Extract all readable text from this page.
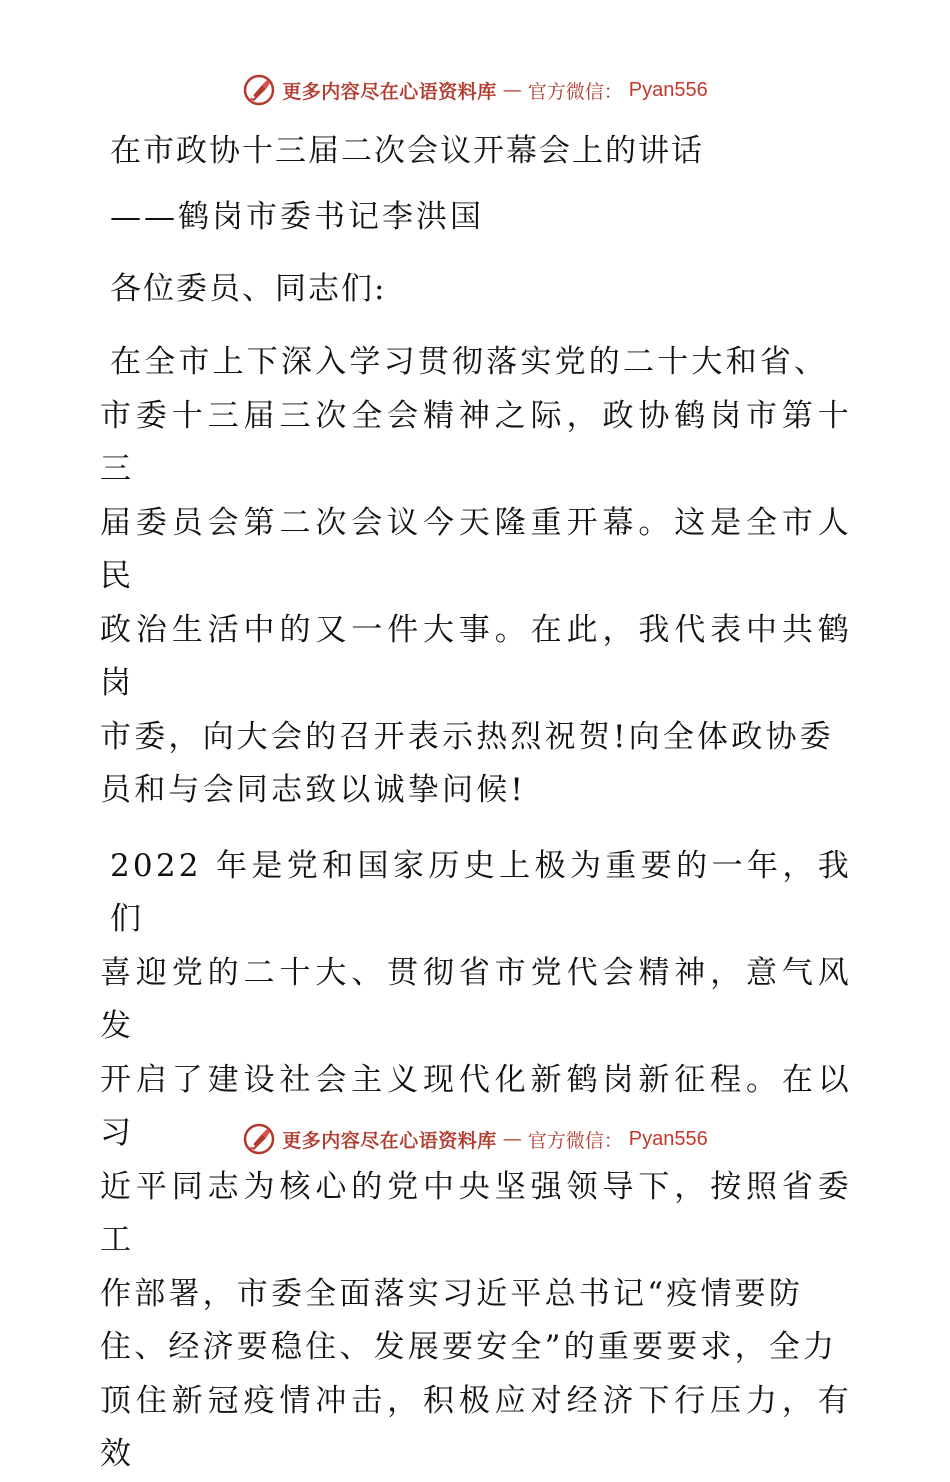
更多内容尽在心语资料库 — 官方微信： Pyan556

在市政协十三届二次会议开幕会上的讲话

——鹤岗市委书记李洪国

各位委员、同志们:

在全市上下深入学习贯彻落实党的二十大和省、
市委十三届三次全会精神之际，政协鹤岗市第十三
届委员会第二次会议今天隆重开幕。这是全市人民
政治生活中的又一件大事。在此，我代表中共鹤岗
市委，向大会的召开表示热烈祝贺!向全体政协委
员和与会同志致以诚挚问候!
2022 年是党和国家历史上极为重要的一年，我们
喜迎党的二十大、贯彻省市党代会精神，意气风发
开启了建设社会主义现代化新鹤岗新征程。在以习
近平同志为核心的党中央坚强领导下，按照省委工
作部署，市委全面落实习近平总书记“疫情要防
住、经济要稳住、发展要安全”的重要要求，全力
顶住新冠疫情冲击，积极应对经济下行压力，有效
更多内容尽在心语资料库 — 官方微信： Pyan556
